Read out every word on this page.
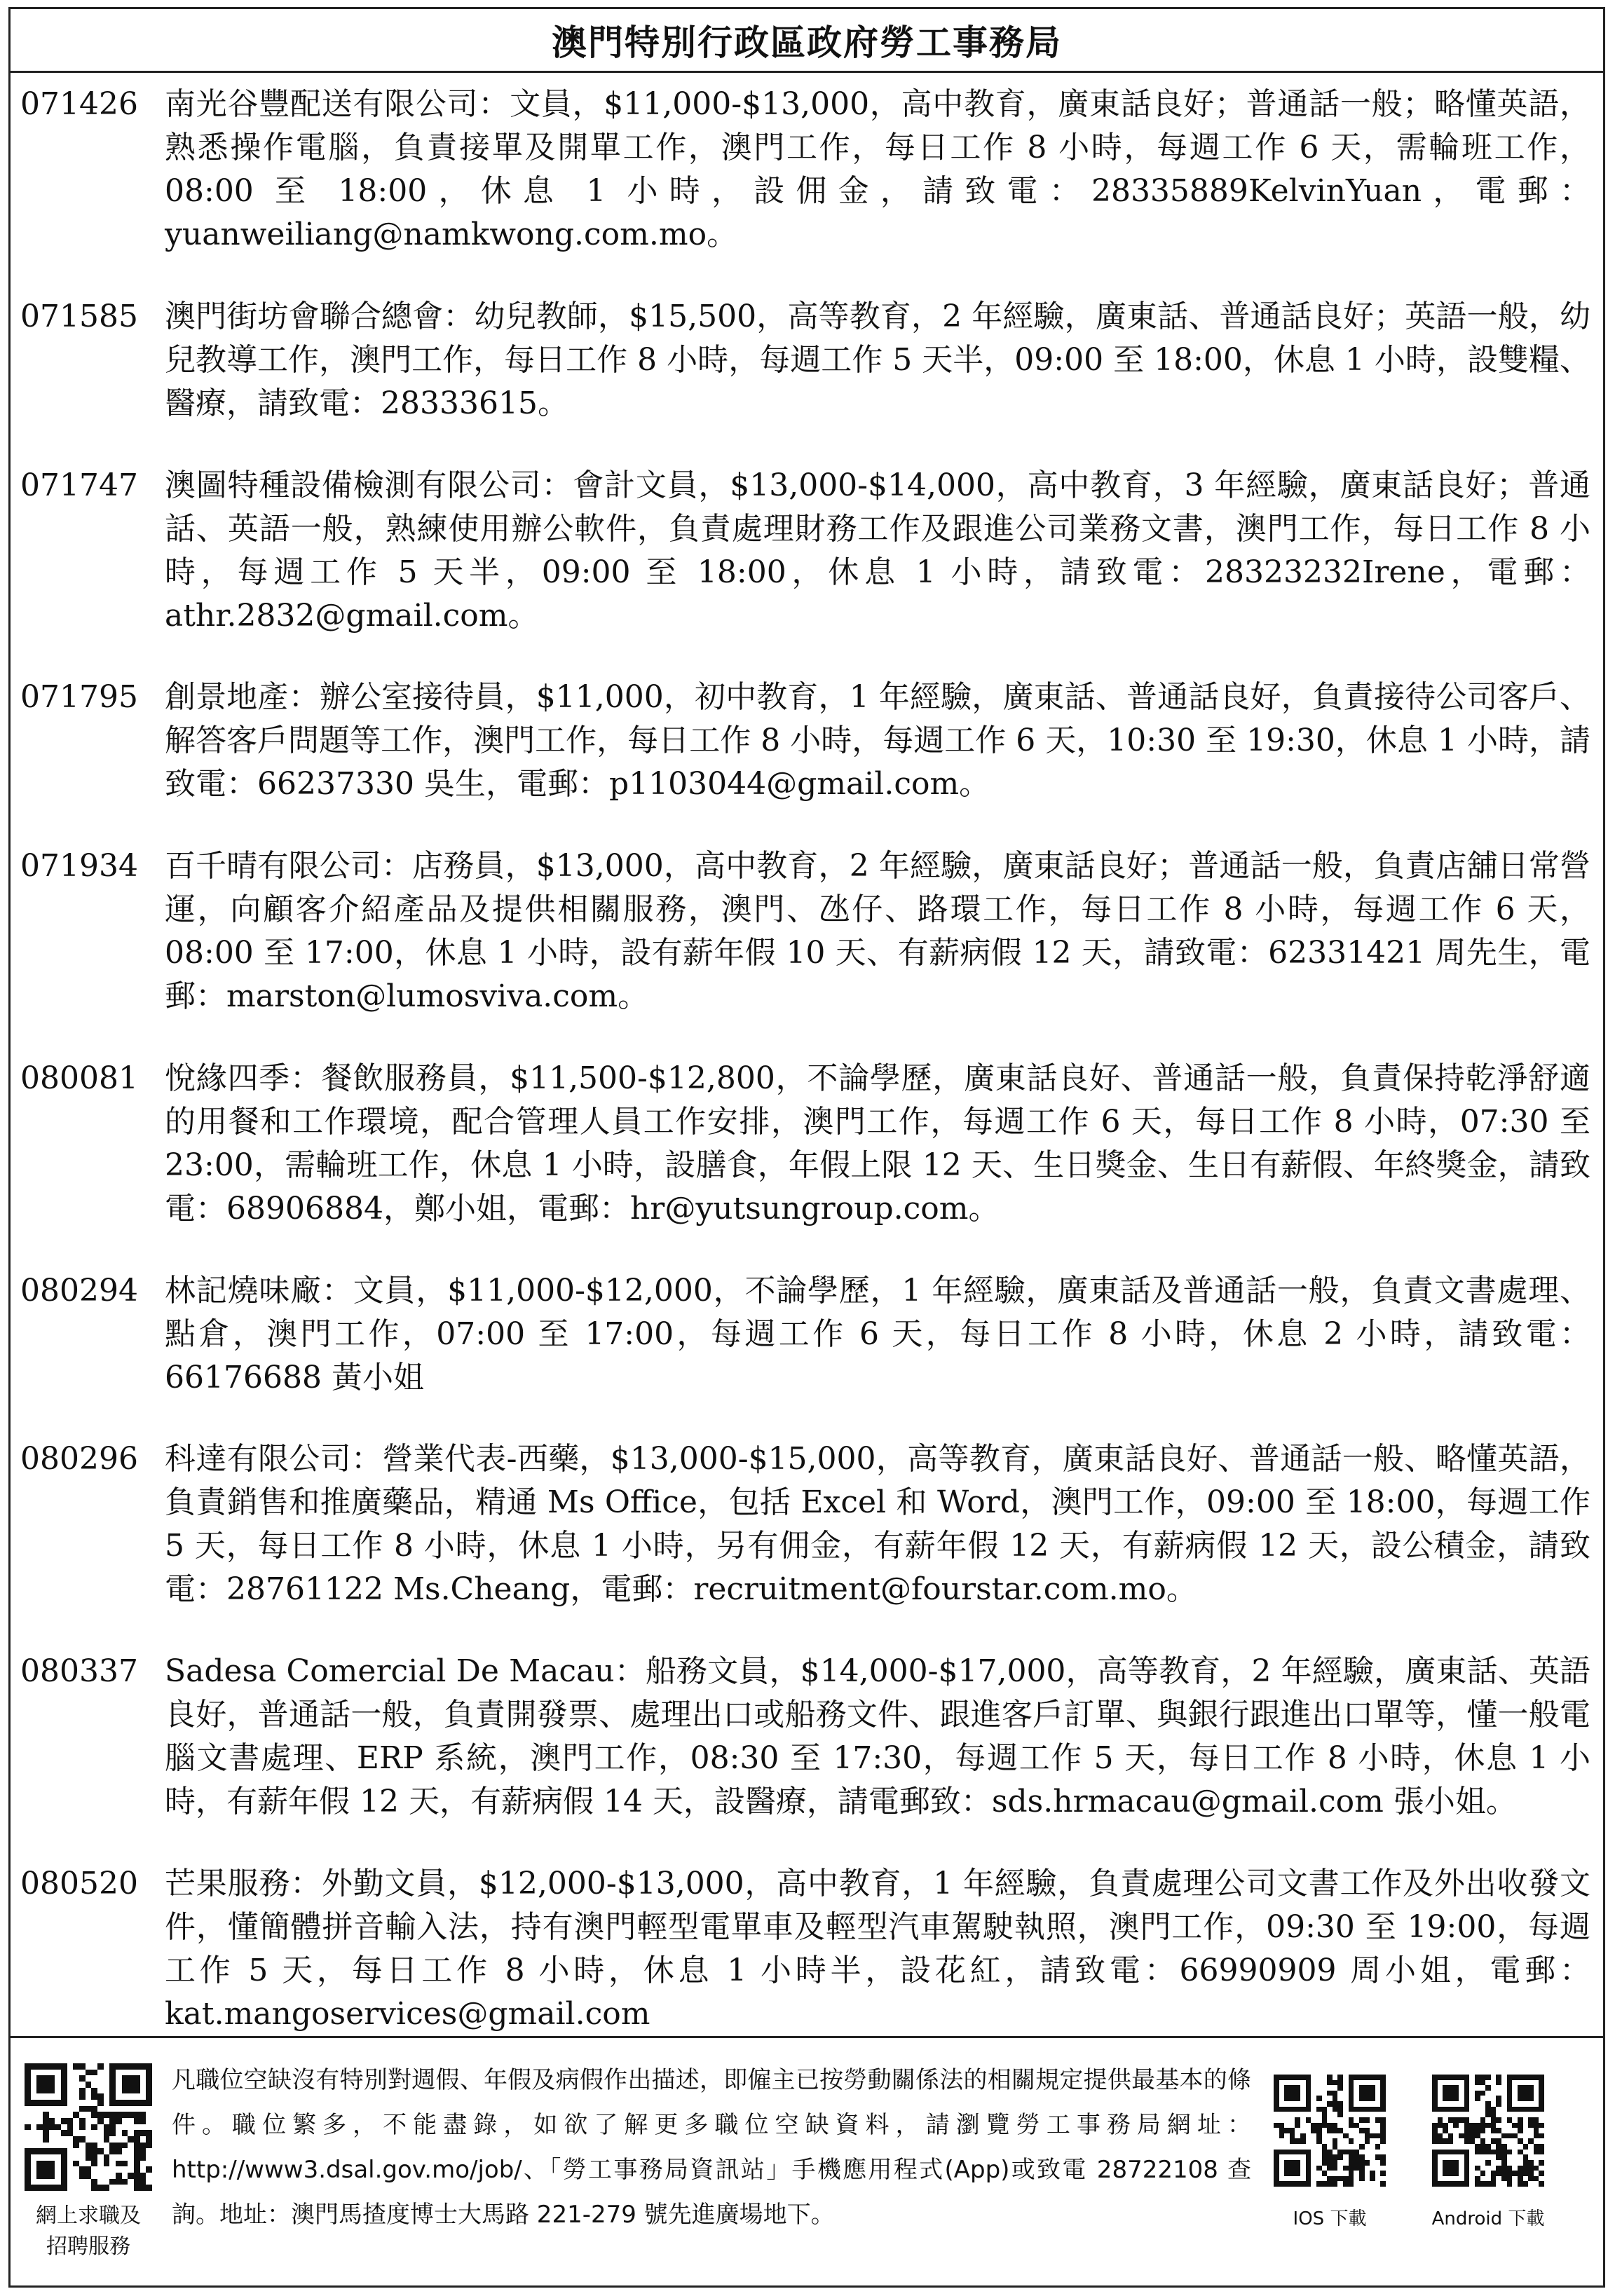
澳門特別行政區政府勞工事務局
071426 南光谷豐配送有限公司：文員，$11,000-$13,000，高中教育，廣東話良好；普通話一般；略懂英語，熟悉操作電腦，負責接單及開單工作，澳門工作，每日工作 8 小時，每週工作 6 天，需輪班工作，08:00 至 18:00，休息 1 小時，設佣金，請致電：28335889KelvinYuan，電郵：yuanweiliang@namkwong.com.mo。
071585 澳門街坊會聯合總會：幼兒教師，$15,500，高等教育，2 年經驗，廣東話、普通話良好；英語一般，幼兒教導工作，澳門工作，每日工作 8 小時，每週工作 5 天半，09:00 至 18:00，休息 1 小時，設雙糧、醫療，請致電：28333615。
071747 澳圖特種設備檢測有限公司：會計文員，$13,000-$14,000，高中教育，3 年經驗，廣東話良好；普通話、英語一般，熟練使用辦公軟件，負責處理財務工作及跟進公司業務文書，澳門工作，每日工作 8 小時，每週工作 5 天半，09:00 至 18:00，休息 1 小時，請致電：28323232Irene，電郵：athr.2832@gmail.com。
071795 創景地產：辦公室接待員，$11,000，初中教育，1 年經驗，廣東話、普通話良好，負責接待公司客戶、解答客戶問題等工作，澳門工作，每日工作 8 小時，每週工作 6 天，10:30 至 19:30，休息 1 小時，請致電：66237330 吳生，電郵：p1103044@gmail.com。
071934 百千晴有限公司：店務員，$13,000，高中教育，2 年經驗，廣東話良好；普通話一般，負責店舖日常營運，向顧客介紹產品及提供相關服務，澳門、氹仔、路環工作，每日工作 8 小時，每週工作 6 天，08:00 至 17:00，休息 1 小時，設有薪年假 10 天、有薪病假 12 天，請致電：62331421 周先生，電郵：marston@lumosviva.com。
080081 悅緣四季：餐飲服務員，$11,500-$12,800，不論學歷，廣東話良好、普通話一般，負責保持乾淨舒適的用餐和工作環境，配合管理人員工作安排，澳門工作，每週工作 6 天，每日工作 8 小時，07:30 至 23:00，需輪班工作，休息 1 小時，設膳食，年假上限 12 天、生日獎金、生日有薪假、年終獎金，請致電：68906884，鄭小姐，電郵：hr@yutsungroup.com。
080294 林記燒味廠：文員，$11,000-$12,000，不論學歷，1 年經驗，廣東話及普通話一般，負責文書處理、點倉，澳門工作，07:00 至 17:00，每週工作 6 天，每日工作 8 小時，休息 2 小時，請致電：66176688 黃小姐
080296 科達有限公司：營業代表-西藥，$13,000-$15,000，高等教育，廣東話良好、普通話一般、略懂英語，負責銷售和推廣藥品，精通 Ms Office，包括 Excel 和 Word，澳門工作，09:00 至 18:00，每週工作 5 天，每日工作 8 小時，休息 1 小時，另有佣金，有薪年假 12 天，有薪病假 12 天，設公積金，請致電：28761122 Ms.Cheang，電郵：recruitment@fourstar.com.mo。
080337 Sadesa Comercial De Macau：船務文員，$14,000-$17,000，高等教育，2 年經驗，廣東話、英語良好，普通話一般，負責開發票、處理出口或船務文件、跟進客戶訂單、與銀行跟進出口單等，懂一般電腦文書處理、ERP 系統，澳門工作，08:30 至 17:30，每週工作 5 天，每日工作 8 小時，休息 1 小時，有薪年假 12 天，有薪病假 14 天，設醫療，請電郵致：sds.hrmacau@gmail.com 張小姐。
080520 芒果服務：外勤文員，$12,000-$13,000，高中教育，1 年經驗，負責處理公司文書工作及外出收發文件，懂簡體拼音輸入法，持有澳門輕型電單車及輕型汽車駕駛執照，澳門工作，09:30 至 19:00，每週工作 5 天，每日工作 8 小時，休息 1 小時半，設花紅，請致電：66990909 周小姐，電郵：kat.mangoservices@gmail.com
網上求職及
招聘服務
凡職位空缺沒有特別對週假、年假及病假作出描述，即僱主已按勞動關係法的相關規定提供最基本的條件。職位繁多，不能盡錄，如欲了解更多職位空缺資料，請瀏覽勞工事務局網址：http://www3.dsal.gov.mo/job/、「勞工事務局資訊站」手機應用程式(App)或致電 28722108 查詢。地址：澳門馬揸度博士大馬路 221-279 號先進廣場地下。	IOS 下載	Android 下載
